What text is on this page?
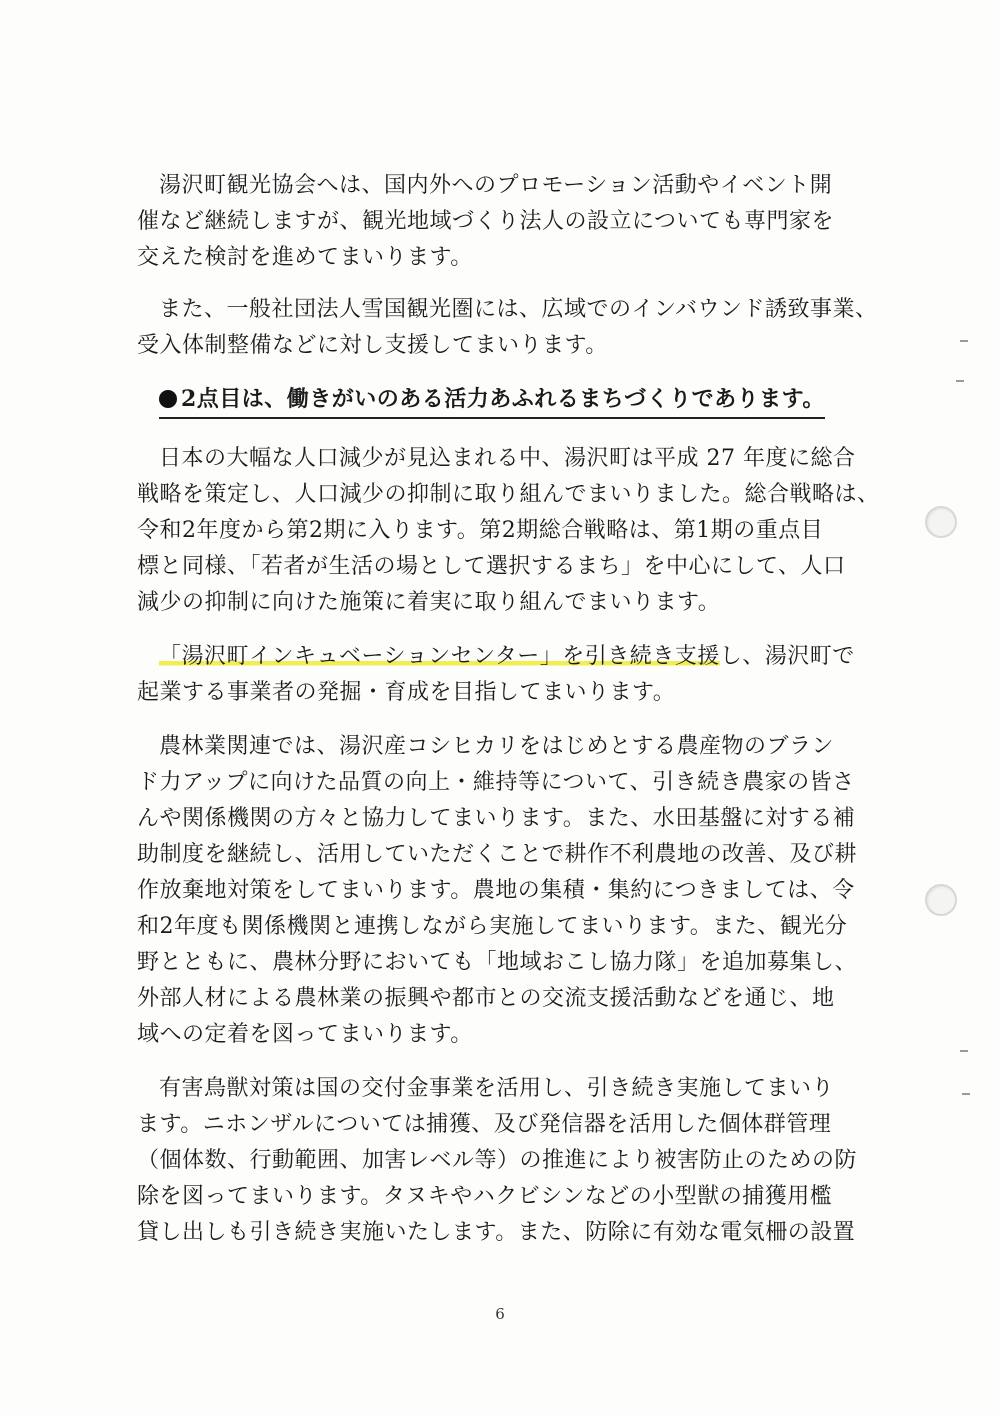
湯沢町観光協会へは、国内外へのプロモーション活動やイベント開
催など継続しますが、観光地域づくり法人の設立についても専門家を
交えた検討を進めてまいります。

また、一般社団法人雪国観光圏には、広域でのインバウンド誘致事業、
受入体制整備などに対し支援してまいります。

2点目は、働きがいのある活力あふれるまちづくりであります。

日本の大幅な人口減少が見込まれる中、湯沢町は平成 27 年度に総合
戦略を策定し、人口減少の抑制に取り組んでまいりました。総合戦略は、
令和2年度から第2期に入ります。第2期総合戦略は、第1期の重点目
標と同様、「若者が生活の場として選択するまち」を中心にして、人口
減少の抑制に向けた施策に着実に取り組んでまいります。

「湯沢町インキュベーションセンター」を引き続き支援し、湯沢町で
起業する事業者の発掘・育成を目指してまいります。

農林業関連では、湯沢産コシヒカリをはじめとする農産物のブラン
ド力アップに向けた品質の向上・維持等について、引き続き農家の皆さ
んや関係機関の方々と協力してまいります。また、水田基盤に対する補
助制度を継続し、活用していただくことで耕作不利農地の改善、及び耕
作放棄地対策をしてまいります。農地の集積・集約につきましては、令
和2年度も関係機関と連携しながら実施してまいります。また、観光分
野とともに、農林分野においても「地域おこし協力隊」を追加募集し、
外部人材による農林業の振興や都市との交流支援活動などを通じ、地
域への定着を図ってまいります。

有害鳥獣対策は国の交付金事業を活用し、引き続き実施してまいり
ます。ニホンザルについては捕獲、及び発信器を活用した個体群管理
（個体数、行動範囲、加害レベル等）の推進により被害防止のための防
除を図ってまいります。タヌキやハクビシンなどの小型獣の捕獲用檻
貸し出しも引き続き実施いたします。また、防除に有効な電気柵の設置

6
